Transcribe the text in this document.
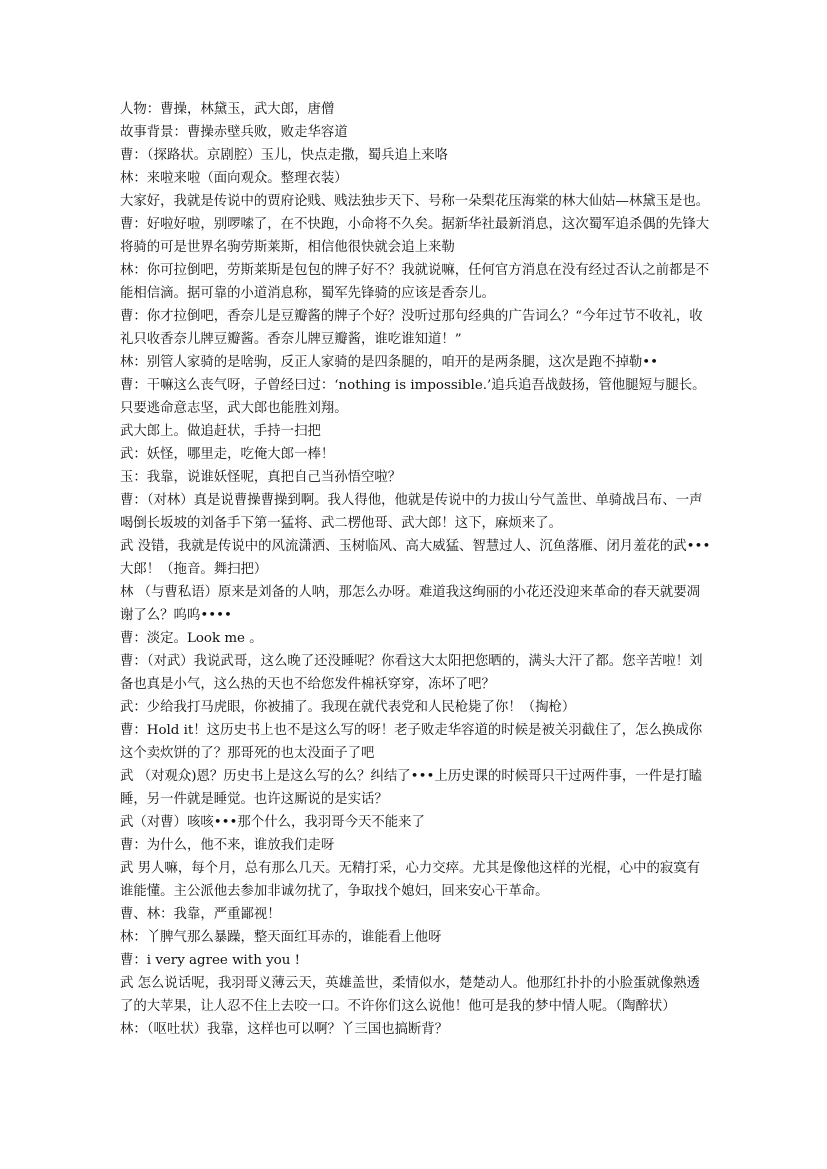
人物：曹操，林黛玉，武大郎，唐僧

故事背景：曹操赤壁兵败，败走华容道

曹：（探路状。京剧腔）玉儿，快点走撒，蜀兵追上来咯

林：来啦来啦（面向观众。整理衣装）

大家好，我就是传说中的贾府论贱、贱法独步天下、号称一朵梨花压海棠的林大仙姑—林黛玉是也。

曹：好啦好啦，别啰嗦了，在不快跑，小命将不久矣。据新华社最新消息，这次蜀军追杀偶的先锋大将骑的可是世界名驹劳斯莱斯，相信他很快就会追上来勒

林：你可拉倒吧，劳斯莱斯是包包的牌子好不？我就说嘛，任何官方消息在没有经过否认之前都是不能相信滴。据可靠的小道消息称，蜀军先锋骑的应该是香奈儿。

曹：你才拉倒吧，香奈儿是豆瓣酱的牌子个好？没听过那句经典的广告词么？“今年过节不收礼，收礼只收香奈儿牌豆瓣酱。香奈儿牌豆瓣酱，谁吃谁知道！”

林：别管人家骑的是啥驹，反正人家骑的是四条腿的，咱开的是两条腿，这次是跑不掉勒••

曹：干嘛这么丧气呀，子曾经曰过：‘nothing is impossible.’追兵追吾战鼓扬，管他腿短与腿长。只要逃命意志坚，武大郎也能胜刘翔。

武大郎上。做追赶状，手持一扫把

武：妖怪，哪里走，吃俺大郎一棒！

玉：我靠，说谁妖怪呢，真把自己当孙悟空啦？

曹：（对林）真是说曹操曹操到啊。我人得他，他就是传说中的力拔山兮气盖世、单骑战吕布、一声喝倒长坂坡的刘备手下第一猛将、武二楞他哥、武大郎！这下，麻烦来了。

武 没错，我就是传说中的风流潇洒、玉树临风、高大威猛、智慧过人、沉鱼落雁、闭月羞花的武•••大郎！（拖音。舞扫把）

林 （与曹私语）原来是刘备的人呐，那怎么办呀。难道我这绚丽的小花还没迎来革命的春天就要凋谢了么？呜呜••••

曹：淡定。Look me 。

曹：（对武）我说武哥，这么晚了还没睡呢？你看这大太阳把您晒的，满头大汗了都。您辛苦啦！刘备也真是小气，这么热的天也不给您发件棉袄穿穿，冻坏了吧？

武：少给我打马虎眼，你被捕了。我现在就代表党和人民枪毙了你！（掏枪）

曹：Hold it！这历史书上也不是这么写的呀！老子败走华容道的时候是被关羽截住了，怎么换成你这个卖炊饼的了？那哥死的也太没面子了吧

武 （对观众)恩？历史书上是这么写的么？纠结了•••上历史课的时候哥只干过两件事，一件是打瞌睡，另一件就是睡觉。也许这厮说的是实话？

武（对曹）咳咳•••那个什么，我羽哥今天不能来了

曹：为什么，他不来，谁放我们走呀

武 男人嘛，每个月，总有那么几天。无精打采，心力交瘁。尤其是像他这样的光棍，心中的寂寞有谁能懂。主公派他去参加非诚勿扰了，争取找个媳妇，回来安心干革命。

曹、林：我靠，严重鄙视！

林：丫脾气那么暴躁，整天面红耳赤的，谁能看上他呀

曹：i very agree with you !

武 怎么说话呢，我羽哥义薄云天，英雄盖世，柔情似水，楚楚动人。他那红扑扑的小脸蛋就像熟透了的大苹果，让人忍不住上去咬一口。不许你们这么说他！他可是我的梦中情人呢。（陶醉状）

林：（呕吐状）我靠，这样也可以啊？丫三国也搞断背？
